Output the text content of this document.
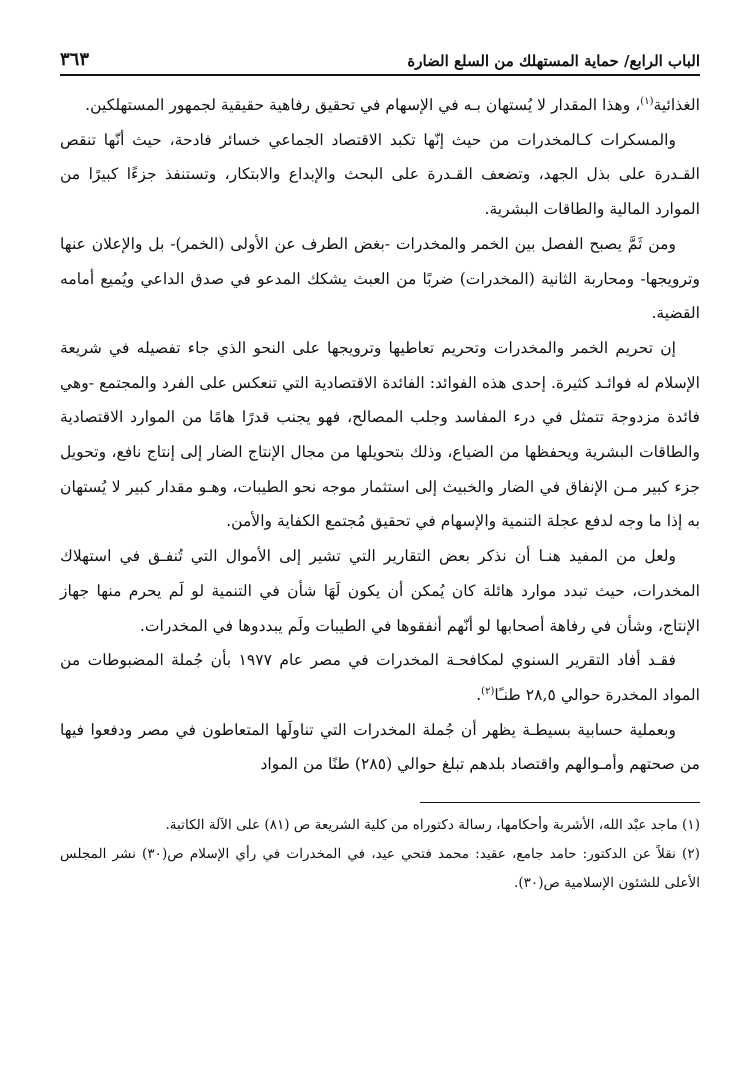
الباب الرابع/ حماية المستهلك من السلع الضارة
٣٦٣

الغذائية$^{(١)}$، وهذا المقدار لا يُستهان بـه في الإسهام في تحقيق رفاهية حقيقية لجمهور المستهلكين.

والمسكرات كـالمخدرات من حيث إنّها تكبد الاقتصاد الجماعي خسائر فادحة، حيث أنّها تنقص القـدرة على بذل الجهد، وتضعف القـدرة على البحث والإبداع والابتكار، وتستنفذ جزءًا كبيرًا من الموارد المالية والطاقات البشرية.

ومن ثَمَّ يصبح الفصل بين الخمر والمخدرات -بغض الطرف عن الأولى (الخمر)- بل والإعلان عنها وترويجها- ومحاربة الثانية (المخدرات) ضربًا من العبث يشكك المدعو في صدق الداعي ويُميع أمامه القضية.

إن تحريم الخمر والمخدرات وتحريم تعاطيها وترويجها على النحو الذي جاء تفصيله في شريعة الإسلام له فوائـد كثيرة. إحدى هذه الفوائد: الفائدة الاقتصادية التي تنعكس على الفرد والمجتمع -وهي فائدة مزدوجة تتمثل في درء المفاسد وجلب المصالح، فهو يجنب قدرًا هامًا من الموارد الاقتصادية والطاقات البشرية ويحفظها من الضياع، وذلك بتحويلها من مجال الإنتاج الضار إلى إنتاج نافع، وتحويل جزء كبير مـن الإنفاق في الضار والخبيث إلى استثمار موجه نحو الطيبات، وهـو مقدار كبير لا يُستهان به إذا ما وجه لدفع عجلة التنمية والإسهام في تحقيق مُجتمع الكفاية والأمن.

ولعل من المفيد هنـا أن نذكر بعض التقارير التي تشير إلى الأموال التي تُنفـق في استهلاك المخدرات، حيث تبدد موارد هائلة كان يُمكن أن يكون لَهَا شأن في التنمية لو لَم يحرم منها جهاز الإنتاج، وشأن في رفاهة أصحابها لو أنّهم أنفقوها في الطيبات ولَم يبددوها في المخدرات.

فقـد أفاد التقرير السنوي لمكافحـة المخدرات في مصر عام ١٩٧٧ بأن جُملة المضبوطات من المواد المخدرة حوالي ٢٨,٥ طنـًا$^{(٢)}$.

وبعملية حسابية بسيطـة يظهر أن جُملة المخدرات التي تناولَها المتعاطون في مصر ودفعوا فيها من صحتهم وأمـوالهم واقتصاد بلدهم تبلغ حوالي (٢٨٥) طنًا من المواد

(١) ماجد عبْد الله، الأشربة وأحكامها، رسالة دكتوراه من كلية الشريعة ص (٨١) على الآلة الكاتبة.

(٢) نقلاً عن الدكتور: حامد جامع، عقيد: محمد فتحي عيد، في المخدرات في رأي الإسلام ص(٣٠) نشر المجلس الأعلى للشئون الإسلامية ص(٣٠).
